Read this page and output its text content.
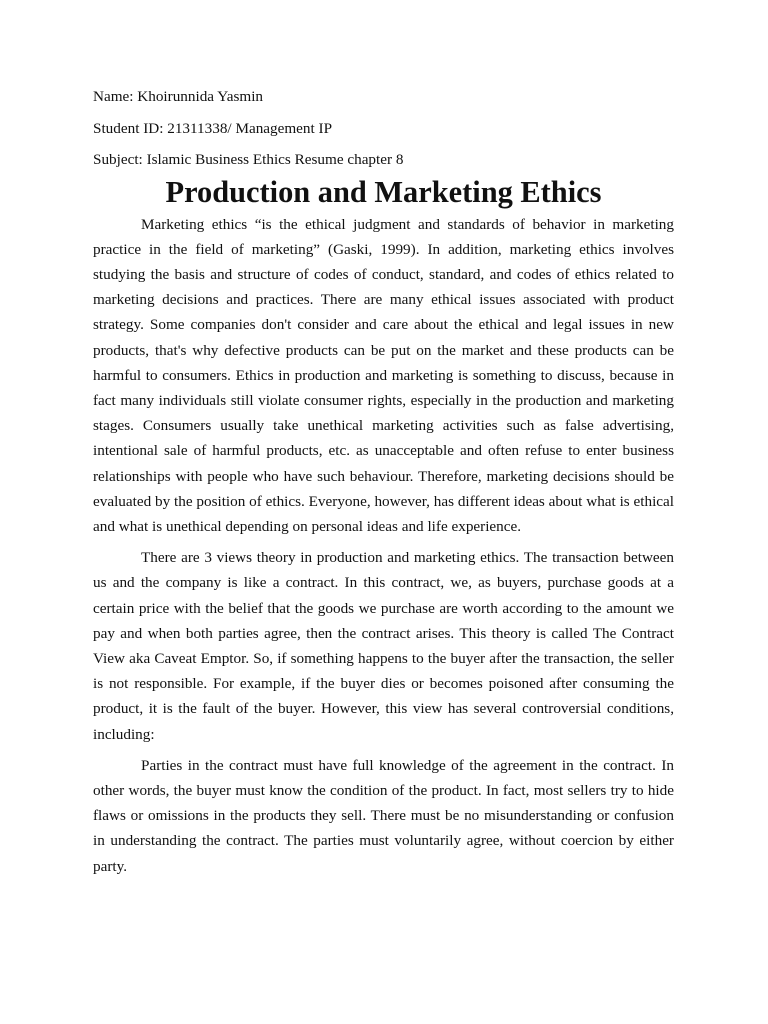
Name: Khoirunnida Yasmin

Student ID: 21311338/ Management IP

Subject: Islamic Business Ethics Resume chapter 8

Production and Marketing Ethics

Marketing ethics “is the ethical judgment and standards of behavior in marketing practice in the field of marketing” (Gaski, 1999). In addition, marketing ethics involves studying the basis and structure of codes of conduct, standard, and codes of ethics related to marketing decisions and practices. There are many ethical issues associated with product strategy. Some companies don't consider and care about the ethical and legal issues in new products, that's why defective products can be put on the market and these products can be harmful to consumers. Ethics in production and marketing is something to discuss, because in fact many individuals still violate consumer rights, especially in the production and marketing stages. Consumers usually take unethical marketing activities such as false advertising, intentional sale of harmful products, etc. as unacceptable and often refuse to enter business relationships with people who have such behaviour. Therefore, marketing decisions should be evaluated by the position of ethics. Everyone, however, has different ideas about what is ethical and what is unethical depending on personal ideas and life experience.

There are 3 views theory in production and marketing ethics. The transaction between us and the company is like a contract. In this contract, we, as buyers, purchase goods at a certain price with the belief that the goods we purchase are worth according to the amount we pay and when both parties agree, then the contract arises. This theory is called The Contract View aka Caveat Emptor. So, if something happens to the buyer after the transaction, the seller is not responsible. For example, if the buyer dies or becomes poisoned after consuming the product, it is the fault of the buyer. However, this view has several controversial conditions, including:

Parties in the contract must have full knowledge of the agreement in the contract. In other words, the buyer must know the condition of the product. In fact, most sellers try to hide flaws or omissions in the products they sell. There must be no misunderstanding or confusion in understanding the contract. The parties must voluntarily agree, without coercion by either party.
